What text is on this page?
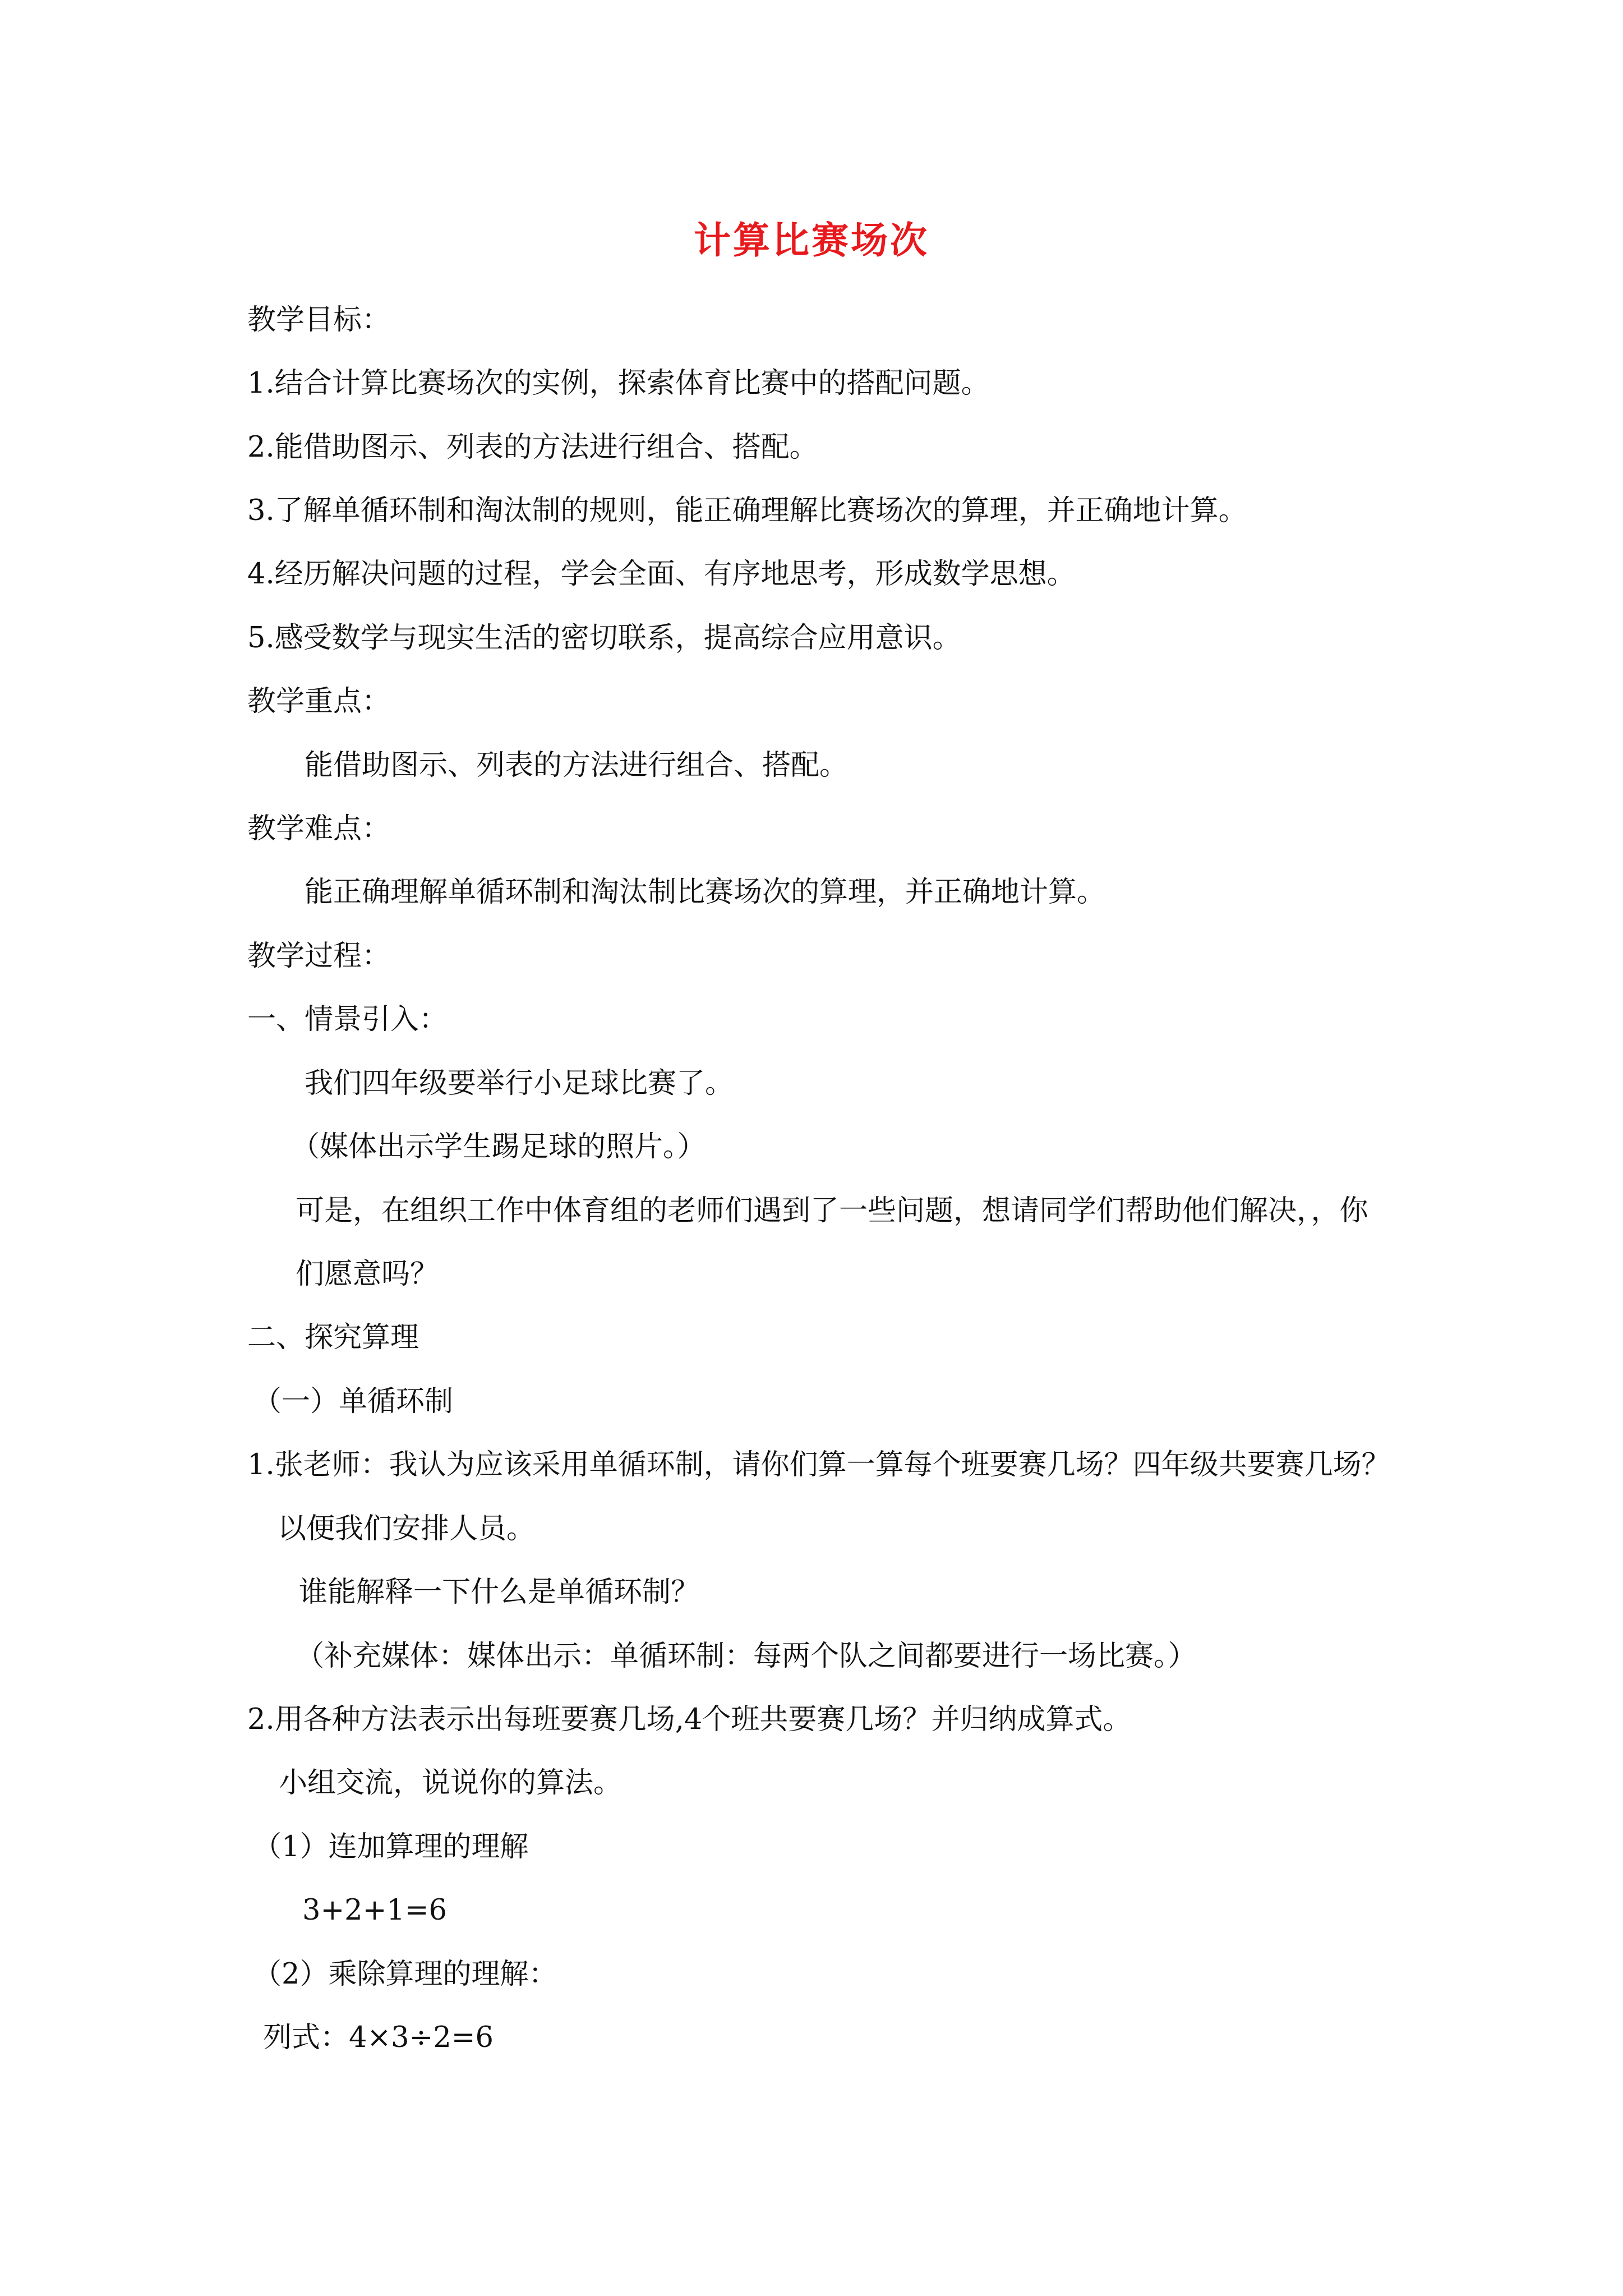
计算比赛场次
教学目标：
1.结合计算比赛场次的实例，探索体育比赛中的搭配问题。
2.能借助图示、列表的方法进行组合、搭配。
3.了解单循环制和淘汰制的规则，能正确理解比赛场次的算理，并正确地计算。
4.经历解决问题的过程，学会全面、有序地思考，形成数学思想。
5.感受数学与现实生活的密切联系，提高综合应用意识。
教学重点：
能借助图示、列表的方法进行组合、搭配。
教学难点：
能正确理解单循环制和淘汰制比赛场次的算理，并正确地计算。
教学过程：
一、情景引入：
我们四年级要举行小足球比赛了。
（媒体出示学生踢足球的照片。）
可是，在组织工作中体育组的老师们遇到了一些问题，想请同学们帮助他们解决，，你
们愿意吗？
二、探究算理
（一）单循环制
1.张老师：我认为应该采用单循环制，请你们算一算每个班要赛几场？四年级共要赛几场？
以便我们安排人员。
谁能解释一下什么是单循环制？
（补充媒体：媒体出示：单循环制：每两个队之间都要进行一场比赛。）
2.用各种方法表示出每班要赛几场,4个班共要赛几场？并归纳成算式。
小组交流，说说你的算法。
（1）连加算理的理解
3+2+1=6
（2）乘除算理的理解：
列式：4×3÷2=6
